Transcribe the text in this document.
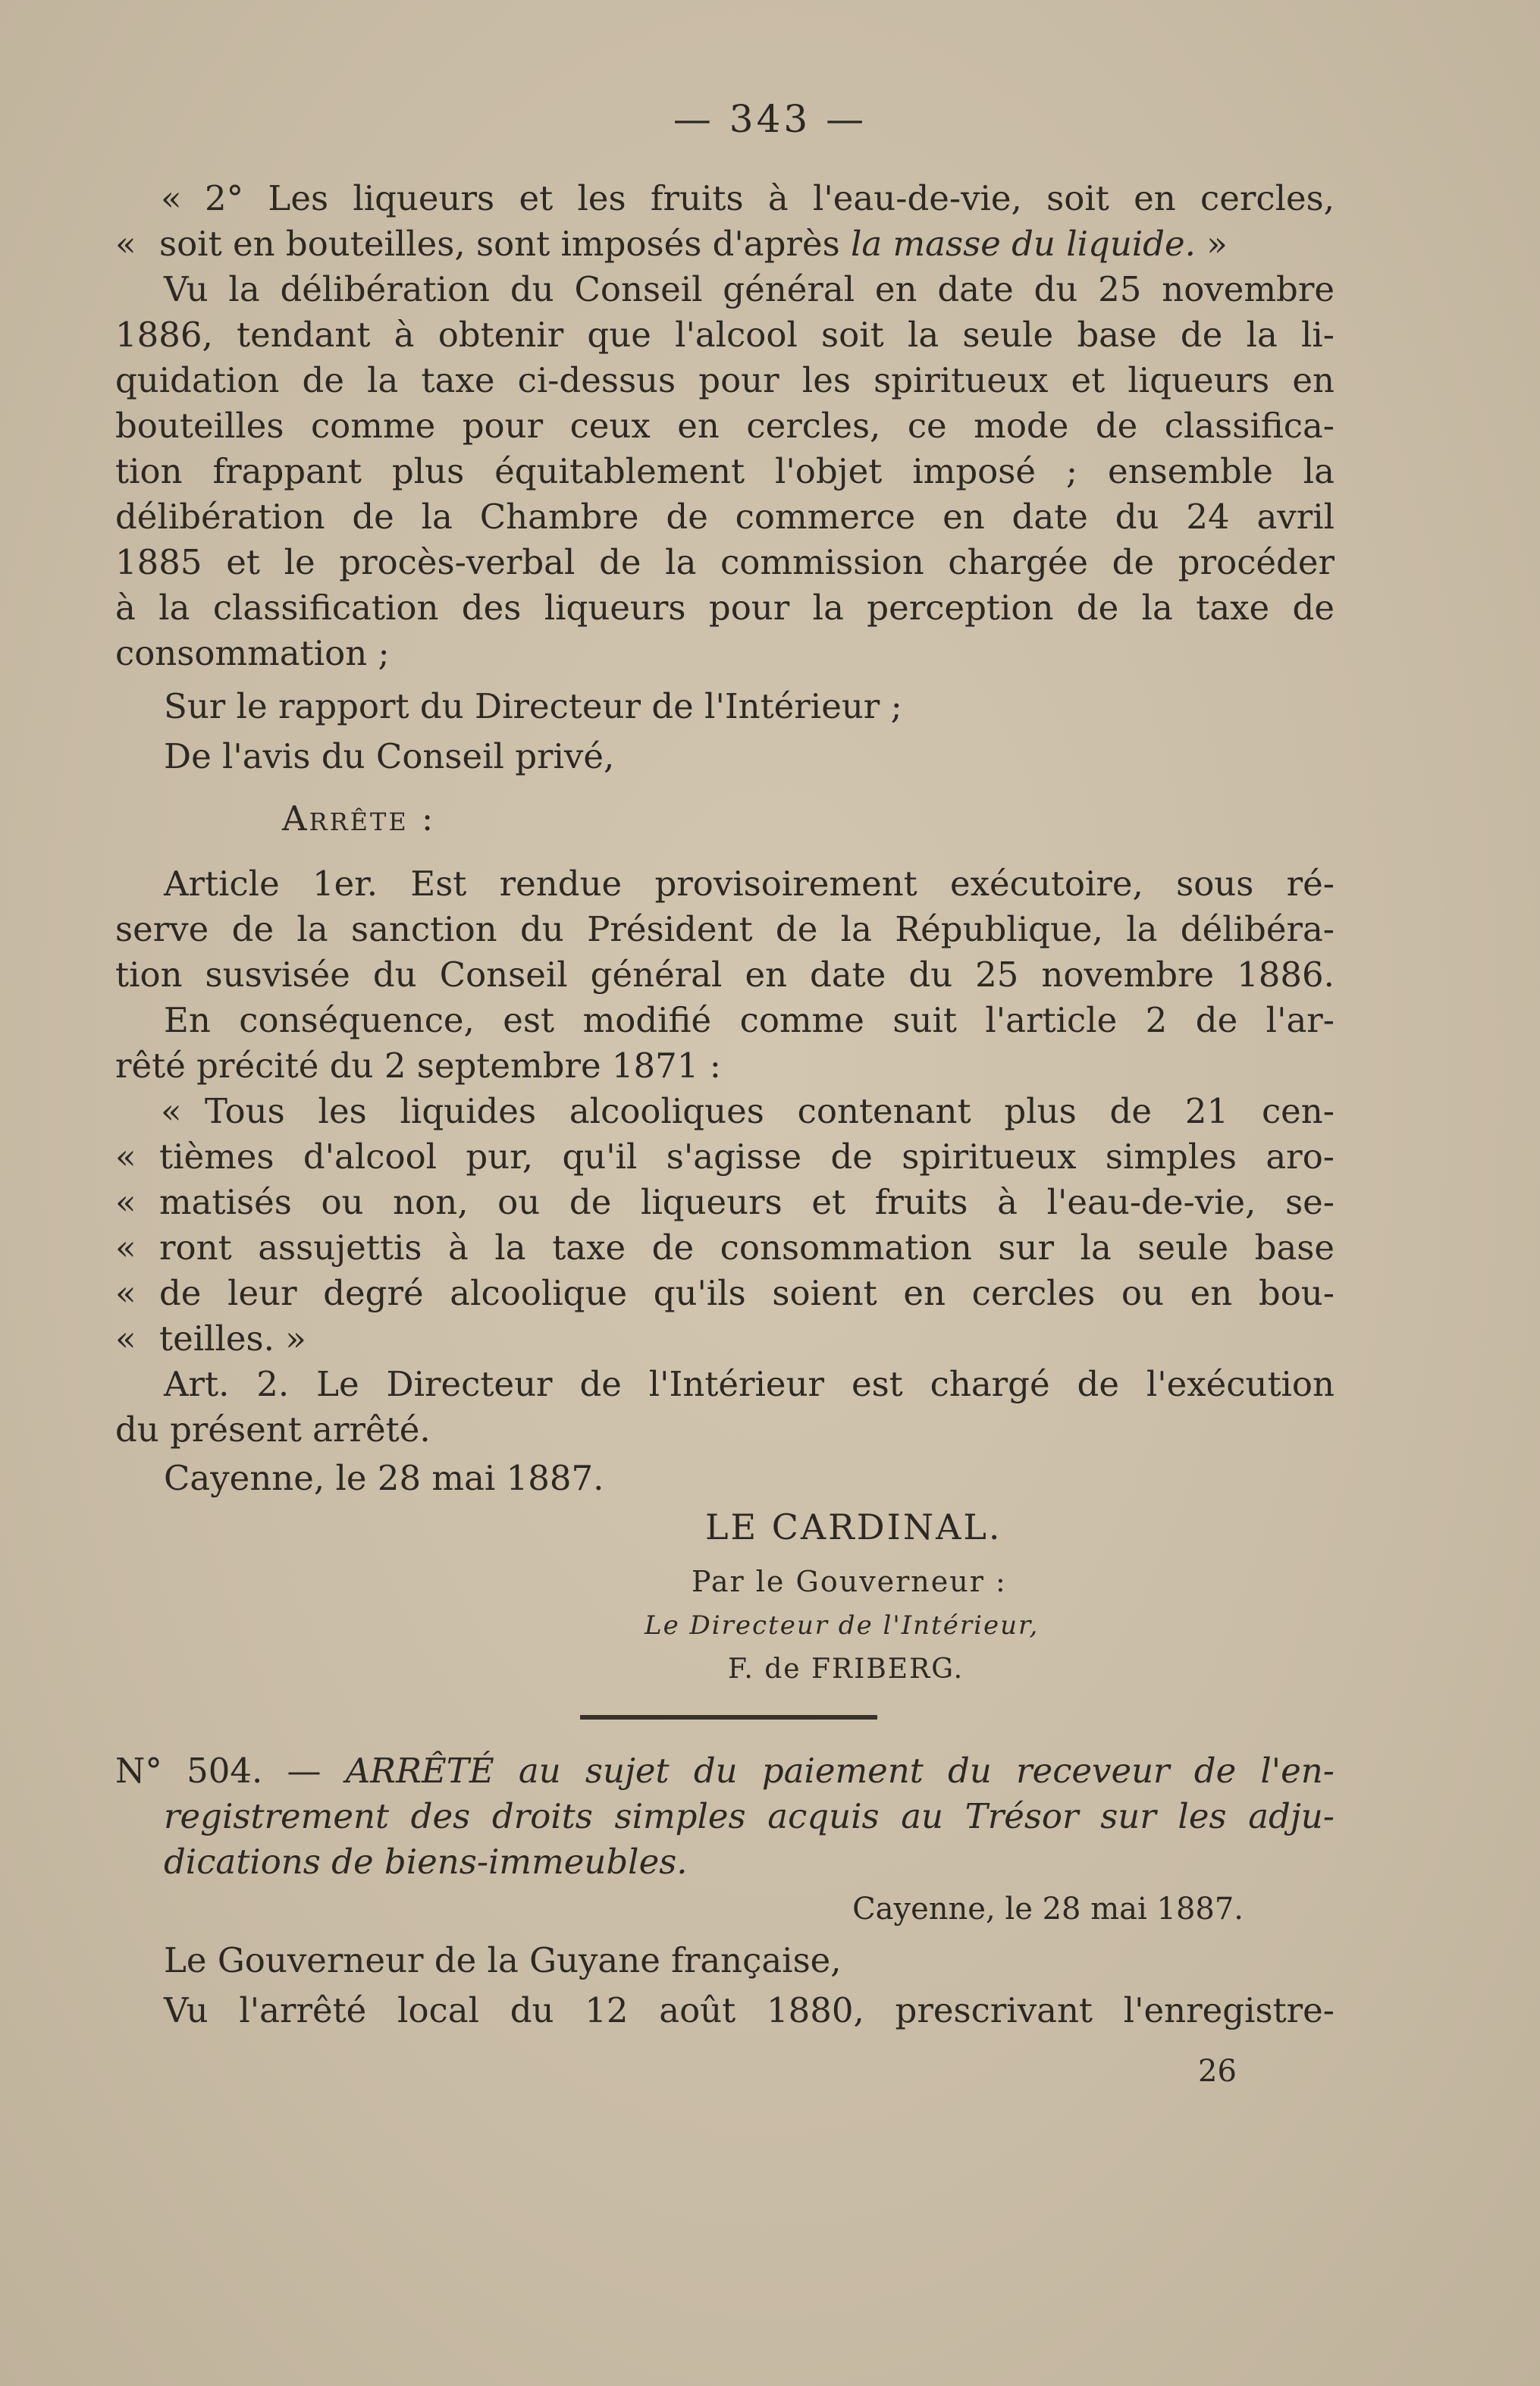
— 343 —
« 2° Les liqueurs et les fruits à l'eau-de-vie, soit en cercles,
« soit en bouteilles, sont imposés d'après la masse du liquide. »
Vu la délibération du Conseil général en date du 25 novembre
1886, tendant à obtenir que l'alcool soit la seule base de la li-
quidation de la taxe ci-dessus pour les spiritueux et liqueurs en
bouteilles comme pour ceux en cercles, ce mode de classifica-
tion frappant plus équitablement l'objet imposé ; ensemble la
délibération de la Chambre de commerce en date du 24 avril
1885 et le procès-verbal de la commission chargée de procéder
à la classification des liqueurs pour la perception de la taxe de
consommation ;
Sur le rapport du Directeur de l'Intérieur ;
De l'avis du Conseil privé,
Arrête :
Article 1er. Est rendue provisoirement exécutoire, sous ré-
serve de la sanction du Président de la République, la délibéra-
tion susvisée du Conseil général en date du 25 novembre 1886.
En conséquence, est modifié comme suit l'article 2 de l'ar-
rêté précité du 2 septembre 1871 :
« Tous les liquides alcooliques contenant plus de 21 cen-
« tièmes d'alcool pur, qu'il s'agisse de spiritueux simples aro-
« matisés ou non, ou de liqueurs et fruits à l'eau-de-vie, se-
« ront assujettis à la taxe de consommation sur la seule base
« de leur degré alcoolique qu'ils soient en cercles ou en bou-
« teilles. »
Art. 2. Le Directeur de l'Intérieur est chargé de l'exécution
du présent arrêté.
Cayenne, le 28 mai 1887.
LE CARDINAL.
Par le Gouverneur :
Le Directeur de l'Intérieur,
F. de FRIBERG.
N° 504. — ARRÊTÉ au sujet du paiement du receveur de l'en-
registrement des droits simples acquis au Trésor sur les adju-
dications de biens-immeubles.
Cayenne, le 28 mai 1887.
Le Gouverneur de la Guyane française,
Vu l'arrêté local du 12 août 1880, prescrivant l'enregistre-
26
